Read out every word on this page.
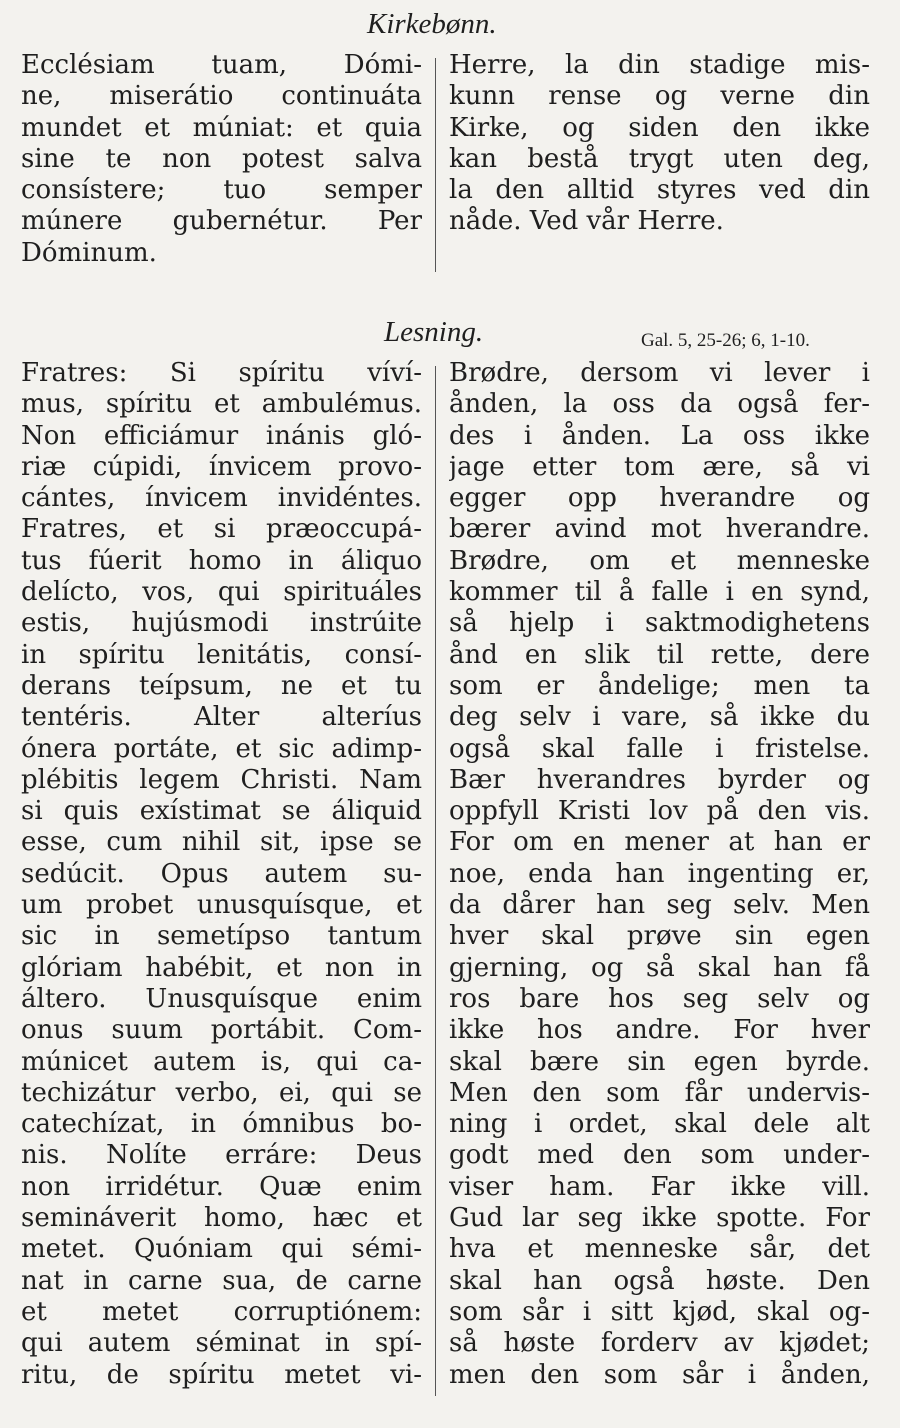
Kirkebønn.
Ecclésiam tuam, Dómi-
ne, miserátio continuáta
mundet et múniat: et quia
sine te non potest salva
consístere; tuo semper
múnere gubernétur. Per
Dóminum.
Herre, la din stadige mis-
kunn rense og verne din
Kirke, og siden den ikke
kan bestå trygt uten deg,
la den alltid styres ved din
nåde. Ved vår Herre.
Lesning.	Gal. 5, 25-26; 6, 1-10.
Fratres: Si spíritu víví-
mus, spíritu et ambulémus.
Non efficiámur inánis gló-
riæ cúpidi, ínvicem provo-
cántes, ínvicem invidéntes.
Fratres, et si præoccupá-
tus fúerit homo in áliquo
delícto, vos, qui spirituáles
estis, hujúsmodi instrúite
in spíritu lenitátis, consí-
derans teípsum, ne et tu
tentéris. Alter alteríus
ónera portáte, et sic adimp-
plébitis legem Christi. Nam
si quis exístimat se áliquid
esse, cum nihil sit, ipse se
sedúcit. Opus autem su-
um probet unusquísque, et
sic in semetípso tantum
glóriam habébit, et non in
áltero. Unusquísque enim
onus suum portábit. Com-
múnicet autem is, qui ca-
techizátur verbo, ei, qui se
catechízat, in ómnibus bo-
nis. Nolíte erráre: Deus
non irridétur. Quæ enim
semináverit homo, hæc et
metet. Quóniam qui sémi-
nat in carne sua, de carne
et metet corruptiónem:
qui autem séminat in spí-
ritu, de spíritu metet vi-
Brødre, dersom vi lever i
ånden, la oss da også fer-
des i ånden. La oss ikke
jage etter tom ære, så vi
egger opp hverandre og
bærer avind mot hverandre.
Brødre, om et menneske
kommer til å falle i en synd,
så hjelp i saktmodighetens
ånd en slik til rette, dere
som er åndelige; men ta
deg selv i vare, så ikke du
også skal falle i fristelse.
Bær hverandres byrder og
oppfyll Kristi lov på den vis.
For om en mener at han er
noe, enda han ingenting er,
da dårer han seg selv. Men
hver skal prøve sin egen
gjerning, og så skal han få
ros bare hos seg selv og
ikke hos andre. For hver
skal bære sin egen byrde.
Men den som får undervis-
ning i ordet, skal dele alt
godt med den som under-
viser ham. Far ikke vill.
Gud lar seg ikke spotte. For
hva et menneske sår, det
skal han også høste. Den
som sår i sitt kjød, skal og-
så høste forderv av kjødet;
men den som sår i ånden,
